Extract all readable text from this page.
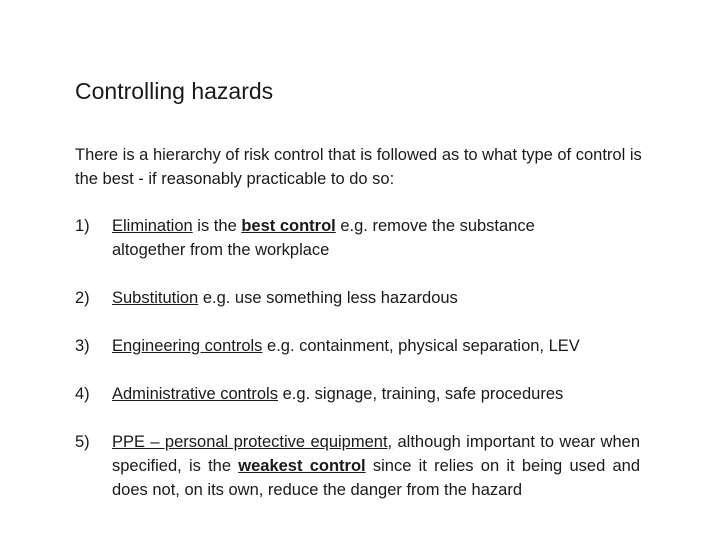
Controlling hazards

There is a hierarchy of risk control that is followed as to what type of control is the best - if reasonably practicable to do so:

1) Elimination is the best control e.g. remove the substance altogether from the workplace

2) Substitution e.g. use something less hazardous

3) Engineering controls e.g. containment, physical separation, LEV

4) Administrative controls e.g. signage, training, safe procedures

5) PPE – personal protective equipment, although important to wear when specified, is the weakest control since it relies on it being used and does not, on its own, reduce the danger from the hazard
